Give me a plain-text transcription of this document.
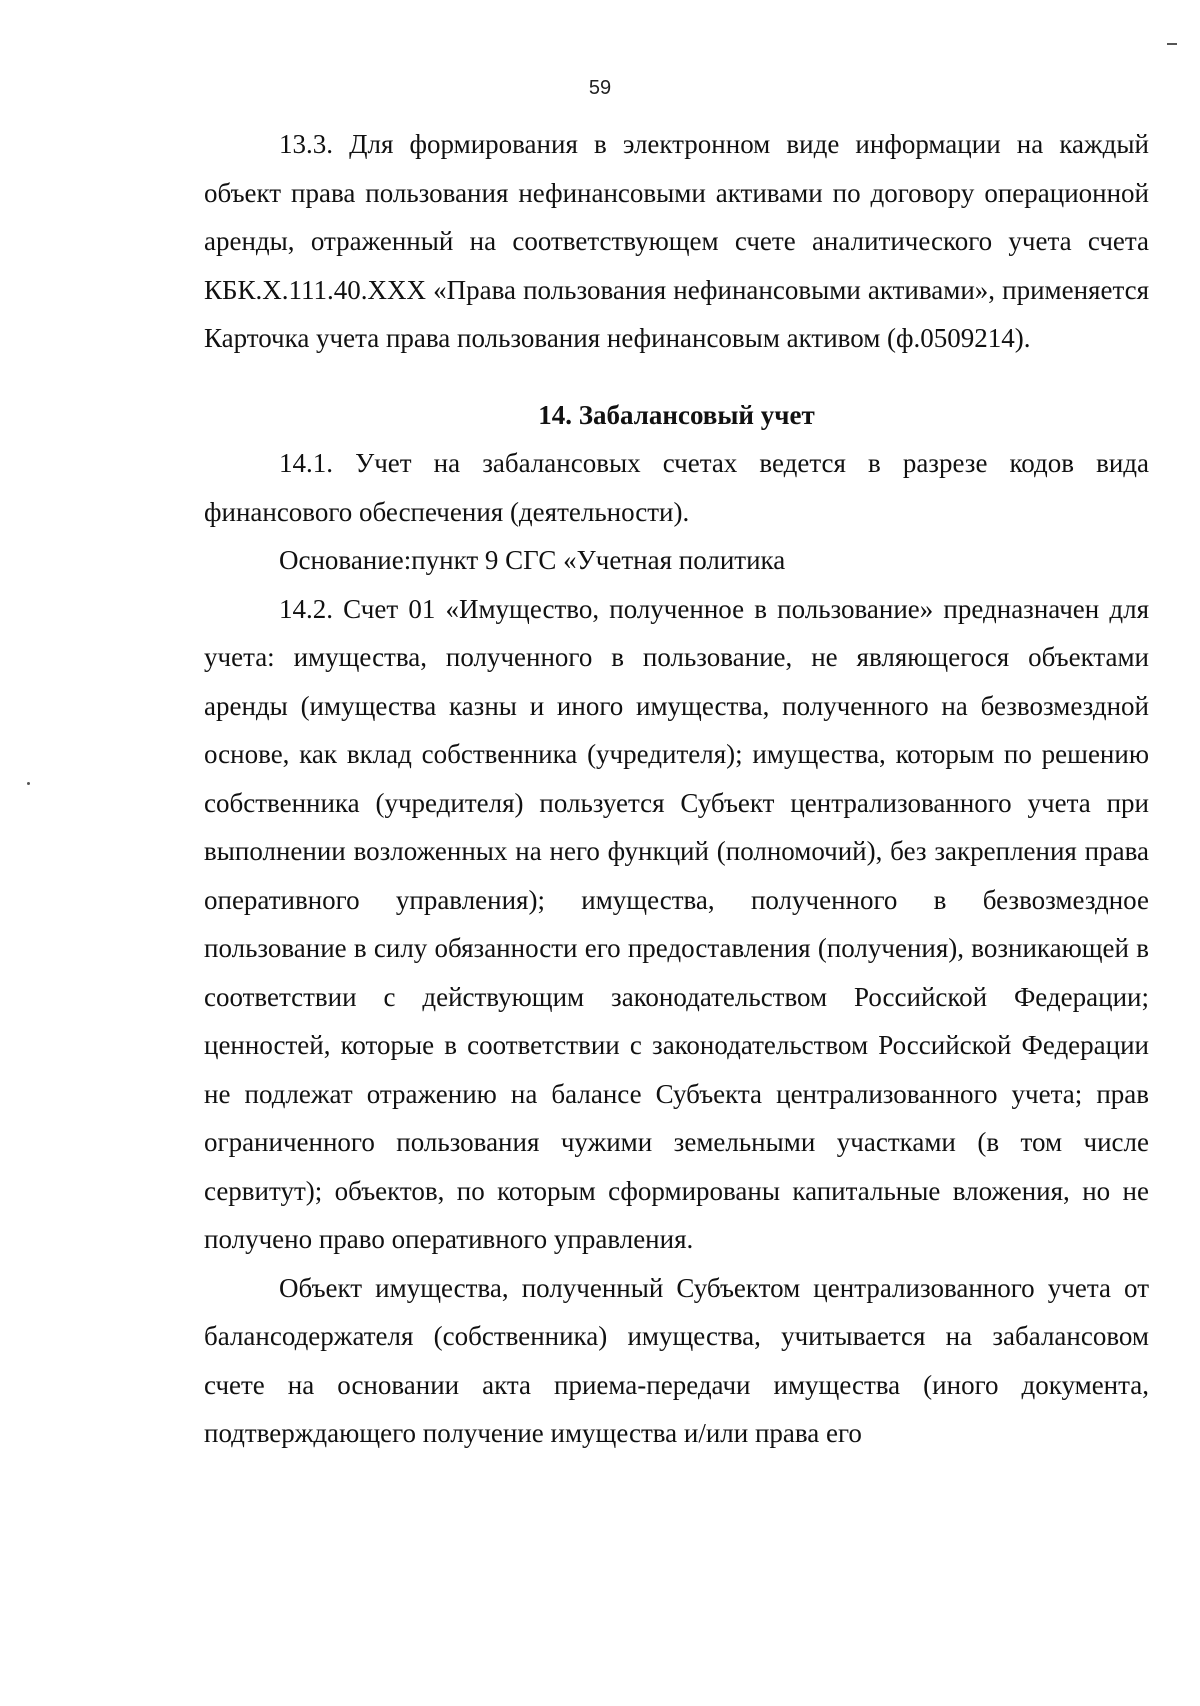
59

13.3. Для формирования в электронном виде информации на каждый объект права пользования нефинансовыми активами по договору операционной аренды, отраженный на соответствующем счете аналитического учета счета КБК.Х.111.40.XXX «Права пользования нефинансовыми активами», применяется Карточка учета права пользования нефинансовым активом (ф.0509214).

14. Забалансовый учет

14.1. Учет на забалансовых счетах ведется в разрезе кодов вида финансового обеспечения (деятельности).

Основание:пункт 9 СГС «Учетная политика

14.2. Счет 01 «Имущество, полученное в пользование» предназначен для учета: имущества, полученного в пользование, не являющегося объектами аренды (имущества казны и иного имущества, полученного на безвозмездной основе, как вклад собственника (учредителя); имущества, которым по решению собственника (учредителя) пользуется Субъект централизованного учета при выполнении возложенных на него функций (полномочий), без закрепления права оперативного управления); имущества, полученного в безвозмездное пользование в силу обязанности его предоставления (получения), возникающей в соответствии с действующим законодательством Российской Федерации; ценностей, которые в соответствии с законодательством Российской Федерации не подлежат отражению на балансе Субъекта централизованного учета; прав ограниченного пользования чужими земельными участками (в том числе сервитут); объектов, по которым сформированы капитальные вложения, но не получено право оперативного управления.

Объект имущества, полученный Субъектом централизованного учета от балансодержателя (собственника) имущества, учитывается на забалансовом счете на основании акта приема-передачи имущества (иного документа, подтверждающего получение имущества и/или права его
